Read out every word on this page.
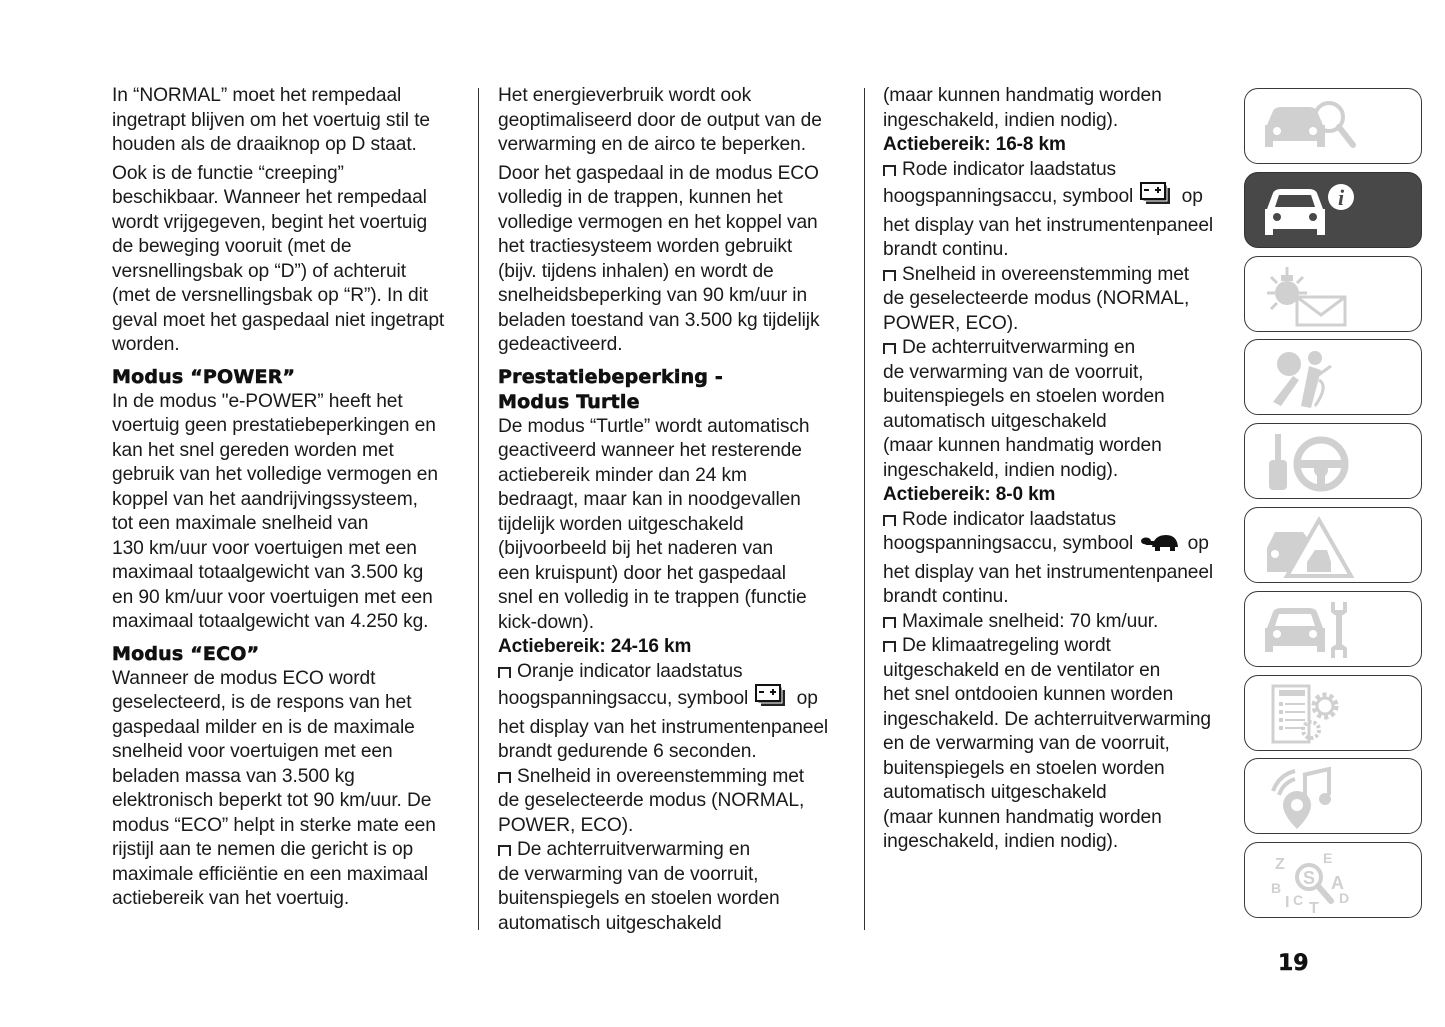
In “NORMAL” moet het rempedaal
ingetrapt blijven om het voertuig stil te
houden als de draaiknop op D staat.

Ook is de functie “creeping”
beschikbaar. Wanneer het rempedaal
wordt vrijgegeven, begint het voertuig
de beweging vooruit (met de
versnellingsbak op “D”) of achteruit
(met de versnellingsbak op “R”). In dit
geval moet het gaspedaal niet ingetrapt
worden.

Modus “POWER”

In de modus "e-POWER” heeft het
voertuig geen prestatiebeperkingen en
kan het snel gereden worden met
gebruik van het volledige vermogen en
koppel van het aandrijvingssysteem,
tot een maximale snelheid van
130 km/uur voor voertuigen met een
maximaal totaalgewicht van 3.500 kg
en 90 km/uur voor voertuigen met een
maximaal totaalgewicht van 4.250 kg.

Modus “ECO”

Wanneer de modus ECO wordt
geselecteerd, is de respons van het
gaspedaal milder en is de maximale
snelheid voor voertuigen met een
beladen massa van 3.500 kg
elektronisch beperkt tot 90 km/uur. De
modus “ECO” helpt in sterke mate een
rijstijl aan te nemen die gericht is op
maximale efficiëntie en een maximaal
actiebereik van het voertuig.

Het energieverbruik wordt ook
geoptimaliseerd door de output van de
verwarming en de airco te beperken.

Door het gaspedaal in de modus ECO
volledig in de trappen, kunnen het
volledige vermogen en het koppel van
het tractiesysteem worden gebruikt
(bijv. tijdens inhalen) en wordt de
snelheidsbeperking van 90 km/uur in
beladen toestand van 3.500 kg tijdelijk
gedeactiveerd.

Prestatiebeperking -
Modus Turtle

De modus “Turtle” wordt automatisch
geactiveerd wanneer het resterende
actiebereik minder dan 24 km
bedraagt, maar kan in noodgevallen
tijdelijk worden uitgeschakeld
(bijvoorbeeld bij het naderen van
een kruispunt) door het gaspedaal
snel en volledig in te trappen (functie
kick-down).

Actiebereik: 24-16 km

Oranje indicator laadstatus
hoogspanningsaccu, symbool	op
het display van het instrumentenpaneel
brandt gedurende 6 seconden.

Snelheid in overeenstemming met
de geselecteerde modus (NORMAL,
POWER, ECO).

De achterruitverwarming en
de verwarming van de voorruit,
buitenspiegels en stoelen worden
automatisch uitgeschakeld

(maar kunnen handmatig worden
ingeschakeld, indien nodig).

Actiebereik: 16-8 km

Rode indicator laadstatus
hoogspanningsaccu, symbool	op
het display van het instrumentenpaneel
brandt continu.

Snelheid in overeenstemming met
de geselecteerde modus (NORMAL,
POWER, ECO).

De achterruitverwarming en
de verwarming van de voorruit,
buitenspiegels en stoelen worden
automatisch uitgeschakeld
(maar kunnen handmatig worden
ingeschakeld, indien nodig).

Actiebereik: 8-0 km

Rode indicator laadstatus
hoogspanningsaccu, symbool	op
het display van het instrumentenpaneel
brandt continu.

Maximale snelheid: 70 km/uur.

De klimaatregeling wordt
uitgeschakeld en de ventilator en
het snel ontdooien kunnen worden
ingeschakeld. De achterruitverwarming
en de verwarming van de voorruit,
buitenspiegels en stoelen worden
automatisch uitgeschakeld
(maar kunnen handmatig worden
ingeschakeld, indien nodig).

i
Z
B
I C T
E
A
D
S
19
